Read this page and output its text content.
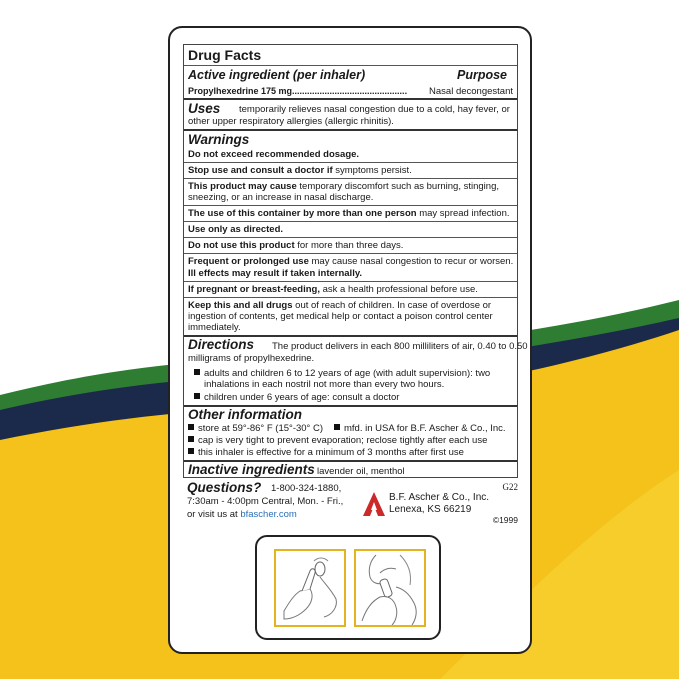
Drug Facts
Active ingredient (per inhaler)	Purpose
Propylhexedrine 175 mg.............................................. Nasal decongestant
Uses temporarily relieves nasal congestion due to a cold, hay fever, or
other upper respiratory allergies (allergic rhinitis).
Warnings
Do not exceed recommended dosage.
Stop use and consult a doctor if symptoms persist.
This product may cause temporary discomfort such as burning, stinging,
sneezing, or an increase in nasal discharge.
The use of this container by more than one person may spread infection.
Use only as directed.
Do not use this product for more than three days.
Frequent or prolonged use may cause nasal congestion to recur or worsen.
Ill effects may result if taken internally.
If pregnant or breast-feeding, ask a health professional before use.
Keep this and all drugs out of reach of children. In case of overdose or
ingestion of contents, get medical help or contact a poison control center
immediately.
Directions The product delivers in each 800 milliliters of air, 0.40 to 0.50
milligrams of propylhexedrine.
adults and children 6 to 12 years of age (with adult supervision): two
inhalations in each nostril not more than every two hours.
children under 6 years of age: consult a doctor
Other information
store at 59°-86° F (15°-30° C)	mfd. in USA for B.F. Ascher & Co., Inc.
cap is very tight to prevent evaporation; reclose tightly after each use
this inhaler is effective for a minimum of 3 months after first use
Inactive ingredients lavender oil, menthol
Questions? 1-800-324-1880,
7:30am - 4:00pm Central, Mon. - Fri.,
or visit us at bfascher.com
B.F. Ascher & Co., Inc.
Lenexa, KS 66219
G22
©1999
